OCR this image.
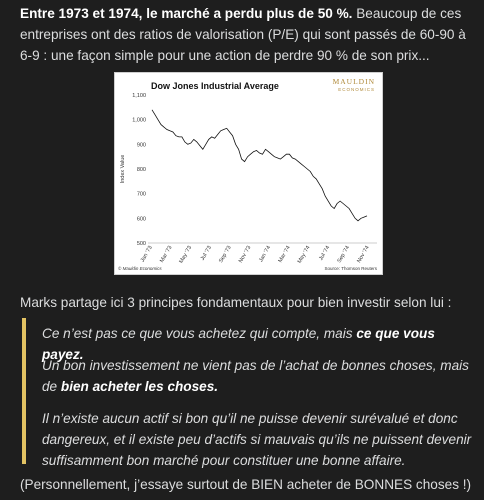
Entre 1973 et 1974, le marché a perdu plus de 50 %. Beaucoup de ces entreprises ont des ratios de valorisation (P/E) qui sont passés de 60-90 à 6-9 : une façon simple pour une action de perdre 90 % de son prix...

Dow Jones Industrial Average	MAULDIN
ECONOMICS
1,100
1,000
900
800
700
600
500
Index Value
Jan '73 Mar '73 May '73 Jul '73 Sep '73 Nov '73 Jan '74 Mar '74 May '74 Jul '74 Sep '74 Nov '74
© Mauldin Economics	Source: Thomson Reuters

Marks partage ici 3 principes fondamentaux pour bien investir selon lui :

Ce n’est pas ce que vous achetez qui compte, mais ce que vous payez.

Un bon investissement ne vient pas de l’achat de bonnes choses, mais de bien acheter les choses.

Il n’existe aucun actif si bon qu’il ne puisse devenir surévalué et donc dangereux, et il existe peu d’actifs si mauvais qu’ils ne puissent devenir suffisamment bon marché pour constituer une bonne affaire.

(Personnellement, j’essaye surtout de BIEN acheter de BONNES choses !)
